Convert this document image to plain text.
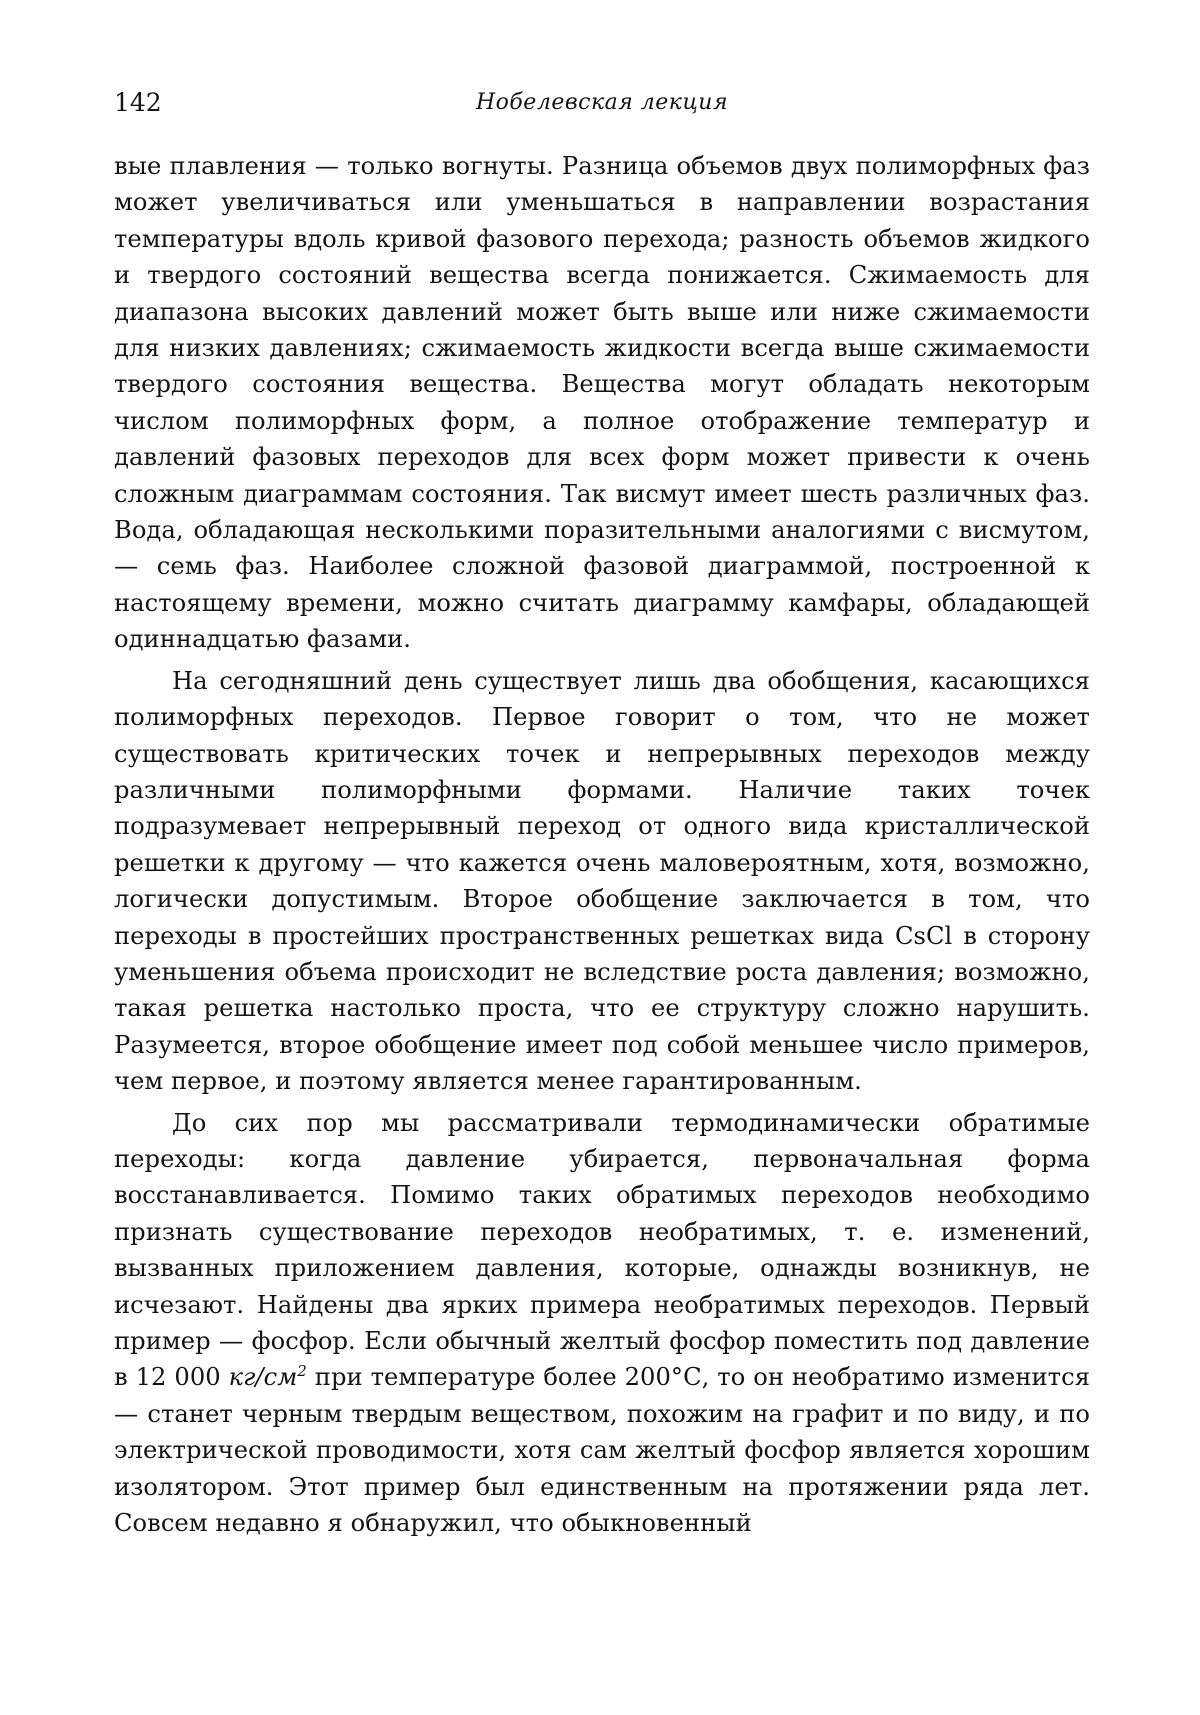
142	Нобелевская лекция

вые плавления — только вогнуты. Разница объемов двух полиморфных фаз может увеличиваться или уменьшаться в направлении возрастания температуры вдоль кривой фазового перехода; разность объемов жидкого и твердого состояний вещества всегда понижается. Сжимаемость для диапазона высоких давлений может быть выше или ниже сжимаемости для низких давлениях; сжимаемость жидкости всегда выше сжимаемости твердого состояния вещества. Вещества могут обладать некоторым числом полиморфных форм, а полное отображение температур и давлений фазовых переходов для всех форм может привести к очень сложным диаграммам состояния. Так висмут имеет шесть различных фаз. Вода, обладающая несколькими поразительными аналогиями с висмутом, — семь фаз. Наиболее сложной фазовой диаграммой, построенной к настоящему времени, можно считать диаграмму камфары, обладающей одиннадцатью фазами.

На сегодняшний день существует лишь два обобщения, касающихся полиморфных переходов. Первое говорит о том, что не может существовать критических точек и непрерывных переходов между различными полиморфными формами. Наличие таких точек подразумевает непрерывный переход от одного вида кристаллической решетки к другому — что кажется очень маловероятным, хотя, возможно, логически допустимым. Второе обобщение заключается в том, что переходы в простейших пространственных решетках вида CsCl в сторону уменьшения объема происходит не вследствие роста давления; возможно, такая решетка настолько проста, что ее структуру сложно нарушить. Разумеется, второе обобщение имеет под собой меньшее число примеров, чем первое, и поэтому является менее гарантированным.

До сих пор мы рассматривали термодинамически обратимые переходы: когда давление убирается, первоначальная форма восстанавливается. Помимо таких обратимых переходов необходимо признать существование переходов необратимых, т. е. изменений, вызванных приложением давления, которые, однажды возникнув, не исчезают. Найдены два ярких примера необратимых переходов. Первый пример — фосфор. Если обычный желтый фосфор поместить под давление в 12 000 $кг/см^2$ при температуре более 200°С, то он необратимо изменится — станет черным твердым веществом, похожим на графит и по виду, и по электрической проводимости, хотя сам желтый фосфор является хорошим изолятором. Этот пример был единственным на протяжении ряда лет. Совсем недавно я обнаружил, что обыкновенный
